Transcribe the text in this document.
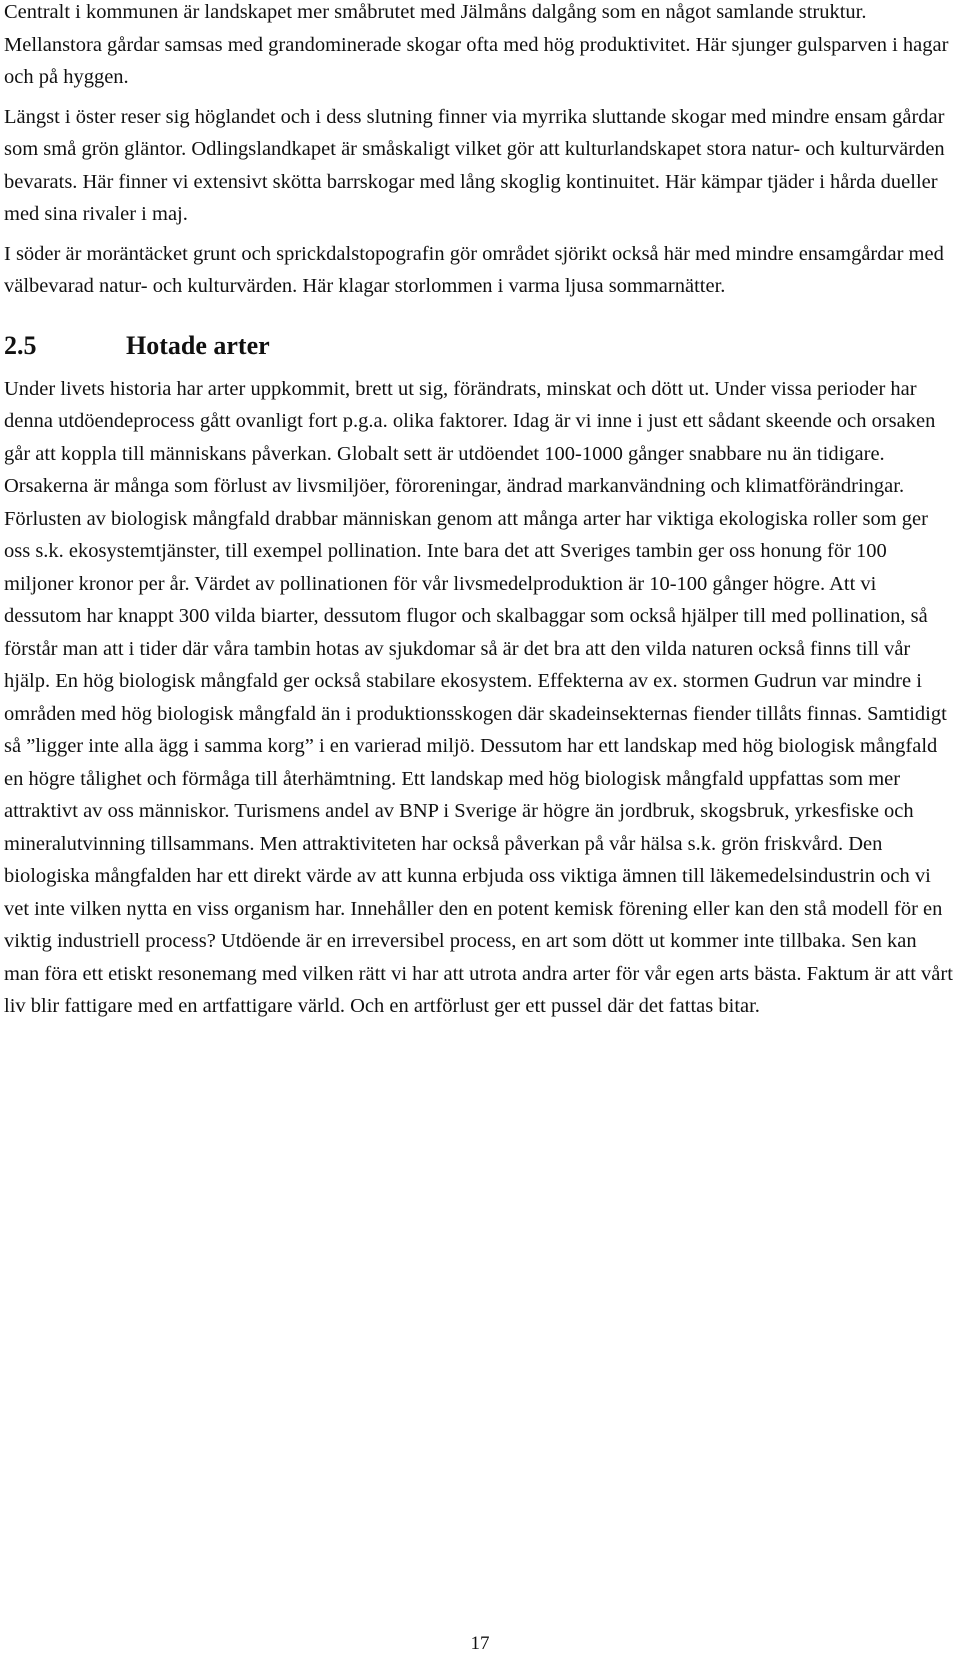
Centralt i kommunen är landskapet mer småbrutet med Jälmåns dalgång som en något samlande struktur. Mellanstora gårdar samsas med grandominerade skogar ofta med hög produktivitet. Här sjunger gulsparven i hagar och på hyggen.

Längst i öster reser sig höglandet och i dess slutning finner via myrrika sluttande skogar med mindre ensam gårdar som små grön gläntor. Odlingslandkapet är småskaligt vilket gör att kulturlandskapet stora natur- och kulturvärden bevarats. Här finner vi extensivt skötta barrskogar med lång skoglig kontinuitet. Här kämpar tjäder i hårda dueller med sina rivaler i maj.

I söder är moräntäcket grunt och sprickdalstopografin gör området sjörikt också här med mindre ensamgårdar med välbevarad natur- och kulturvärden. Här klagar storlommen i varma ljusa sommarnätter.

2.5	Hotade arter

Under livets historia har arter uppkommit, brett ut sig, förändrats, minskat och dött ut. Under vissa perioder har denna utdöendeprocess gått ovanligt fort p.g.a. olika faktorer. Idag är vi inne i just ett sådant skeende och orsaken går att koppla till människans påverkan. Globalt sett är utdöendet 100-1000 gånger snabbare nu än tidigare. Orsakerna är många som förlust av livsmiljöer, föroreningar, ändrad markanvändning och klimatförändringar. Förlusten av biologisk mångfald drabbar människan genom att många arter har viktiga ekologiska roller som ger oss s.k. ekosystemtjänster, till exempel pollination. Inte bara det att Sveriges tambin ger oss honung för 100 miljoner kronor per år. Värdet av pollinationen för vår livsmedelproduktion är 10-100 gånger högre. Att vi dessutom har knappt 300 vilda biarter, dessutom flugor och skalbaggar som också hjälper till med pollination, så förstår man att i tider där våra tambin hotas av sjukdomar så är det bra att den vilda naturen också finns till vår hjälp. En hög biologisk mångfald ger också stabilare ekosystem. Effekterna av ex. stormen Gudrun var mindre i områden med hög biologisk mångfald än i produktionsskogen där skadeinsekternas fiender tillåts finnas. Samtidigt så ”ligger inte alla ägg i samma korg” i en varierad miljö. Dessutom har ett landskap med hög biologisk mångfald en högre tålighet och förmåga till återhämtning. Ett landskap med hög biologisk mångfald uppfattas som mer attraktivt av oss människor. Turismens andel av BNP i Sverige är högre än jordbruk, skogsbruk, yrkesfiske och mineralutvinning tillsammans. Men attraktiviteten har också påverkan på vår hälsa s.k. grön friskvård. Den biologiska mångfalden har ett direkt värde av att kunna erbjuda oss viktiga ämnen till läkemedelsindustrin och vi vet inte vilken nytta en viss organism har. Innehåller den en potent kemisk förening eller kan den stå modell för en viktig industriell process? Utdöende är en irreversibel process, en art som dött ut kommer inte tillbaka. Sen kan man föra ett etiskt resonemang med vilken rätt vi har att utrota andra arter för vår egen arts bästa. Faktum är att vårt liv blir fattigare med en artfattigare värld. Och en artförlust ger ett pussel där det fattas bitar.

17
